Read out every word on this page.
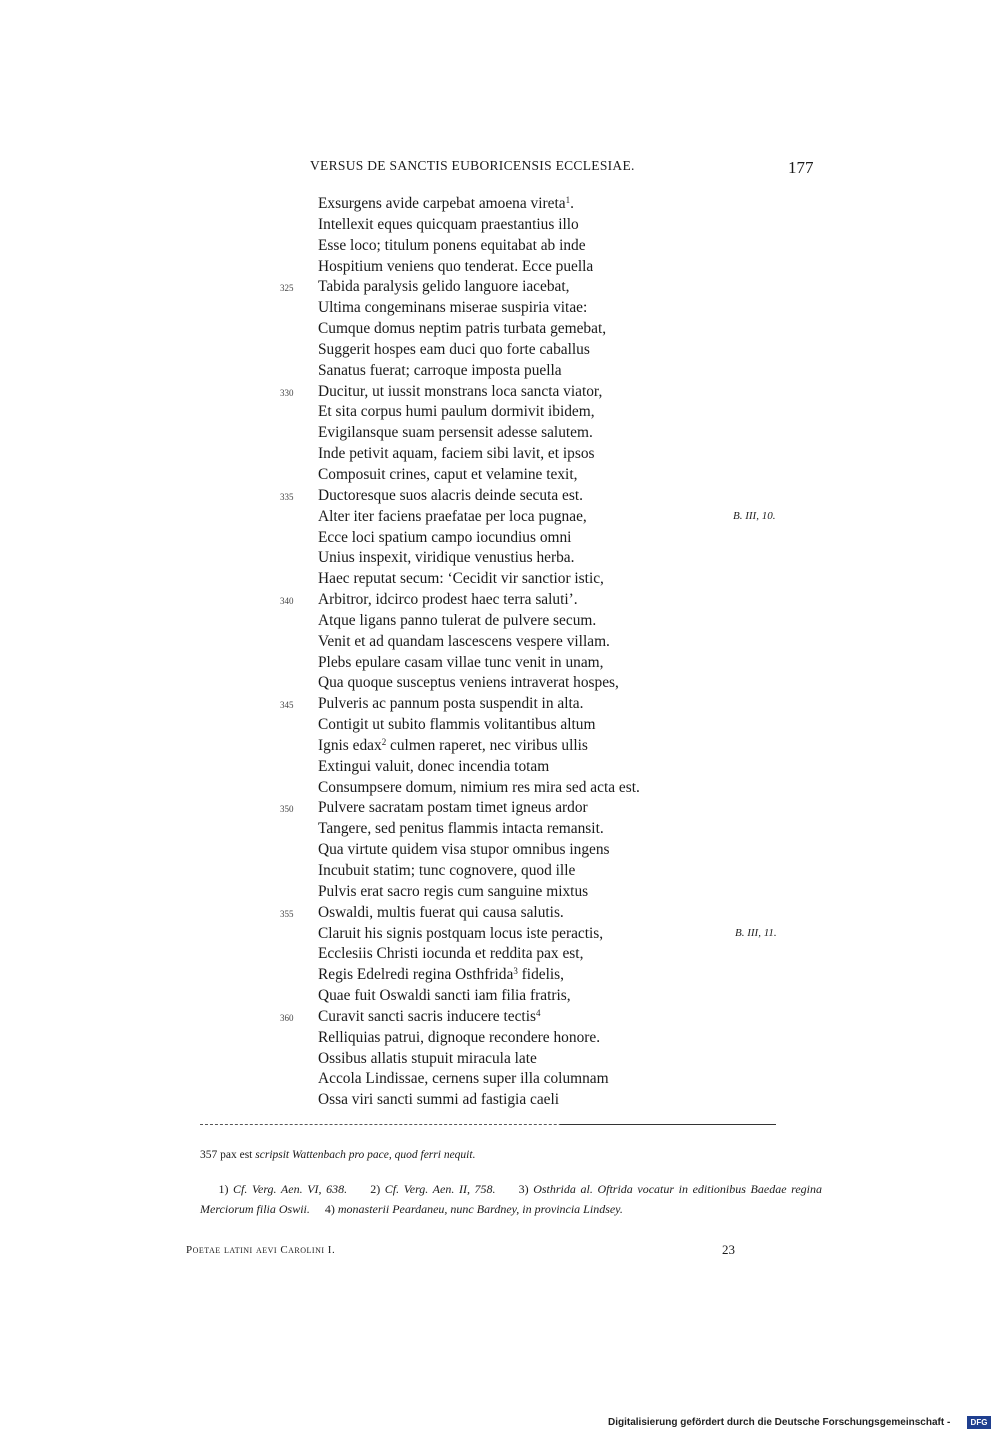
VERSUS DE SANCTIS EUBORICENSIS ECCLESIAE.	177
Exsurgens avide carpebat amoena vireta$^1$.
Intellexit eques quicquam praestantius illo
Esse loco; titulum ponens equitabat ab inde
Hospitium veniens quo tenderat. Ecce puella
325	Tabida paralysis gelido languore iacebat,
Ultima congeminans miserae suspiria vitae:
Cumque domus neptim patris turbata gemebat,
Suggerit hospes eam duci quo forte caballus
Sanatus fuerat; carroque imposta puella
330	Ducitur, ut iussit monstrans loca sancta viator,
Et sita corpus humi paulum dormivit ibidem,
Evigilansque suam persensit adesse salutem.
Inde petivit aquam, faciem sibi lavit, et ipsos
Composuit crines, caput et velamine texit,
335	Ductoresque suos alacris deinde secuta est.
Alter iter faciens praefatae per loca pugnae,
Ecce loci spatium campo iocundius omni
Unius inspexit, viridique venustius herba.
Haec reputat secum: ‘Cecidit vir sanctior istic,
340	Arbitror, idcirco prodest haec terra saluti’.
Atque ligans panno tulerat de pulvere secum.
Venit et ad quandam lascescens vespere villam.
Plebs epulare casam villae tunc venit in unam,
Qua quoque susceptus veniens intraverat hospes,
345	Pulveris ac pannum posta suspendit in alta.
Contigit ut subito flammis volitantibus altum
Ignis edax$^2$ culmen raperet, nec viribus ullis
Extingui valuit, donec incendia totam
Consumpsere domum, nimium res mira sed acta est.
350	Pulvere sacratam postam timet igneus ardor
Tangere, sed penitus flammis intacta remansit.
Qua virtute quidem visa stupor omnibus ingens
Incubuit statim; tunc cognovere, quod ille
Pulvis erat sacro regis cum sanguine mixtus
355	Oswaldi, multis fuerat qui causa salutis.
Claruit his signis postquam locus iste peractis,
Ecclesiis Christi iocunda et reddita pax est,
Regis Edelredi regina Osthfrida$^3$ fidelis,
Quae fuit Oswaldi sancti iam filia fratris,
360	Curavit sancti sacris inducere tectis$^4$
Relliquias patrui, dignoque recondere honore.
Ossibus allatis stupuit miracula late
Accola Lindissae, cernens super illa columnam
Ossa viri sancti summi ad fastigia caeli
B. III, 10.
B. III, 11.
357 pax est scripsit Wattenbach pro pace, quod ferri nequit.
1) Cf. Verg. Aen. VI, 638. 2) Cf. Verg. Aen. II, 758. 3) Osthrida al. Oftrida vocatur in editionibus Baedae regina Merciorum filia Oswii. 4) monasterii Peardaneu, nunc Bardney, in provincia Lindsey.
Poetae latini aevi Carolini I.	23
Digitalisierung gefördert durch die Deutsche Forschungsgemeinschaft -	DFG
